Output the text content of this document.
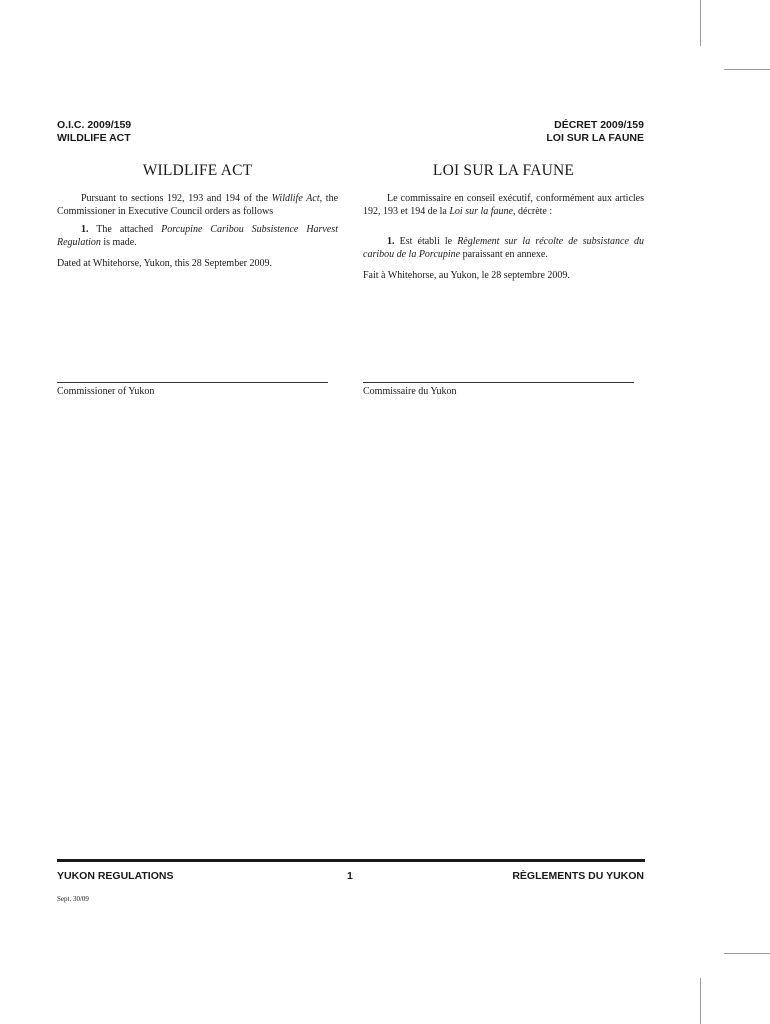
O.I.C. 2009/159
WILDLIFE ACT
DÉCRET 2009/159
LOI SUR LA FAUNE
WILDLIFE ACT	LOI SUR LA FAUNE

Pursuant to sections 192, 193 and 194 of the Wildlife Act, the Commissioner in Executive Council orders as follows

1. The attached Porcupine Caribou Subsistence Harvest Regulation is made.

Dated at Whitehorse, Yukon, this 28 September 2009.

Le commissaire en conseil exécutif, conformément aux articles 192, 193 et 194 de la Loi sur la faune, décrète :

1. Est établi le Règlement sur la récolte de subsistance du caribou de la Porcupine paraissant en annexe.

Fait à Whitehorse, au Yukon, le 28 septembre 2009.

Commissioner of Yukon	Commissaire du Yukon
YUKON REGULATIONS	1	RÈGLEMENTS DU YUKON
Sept. 30/09
